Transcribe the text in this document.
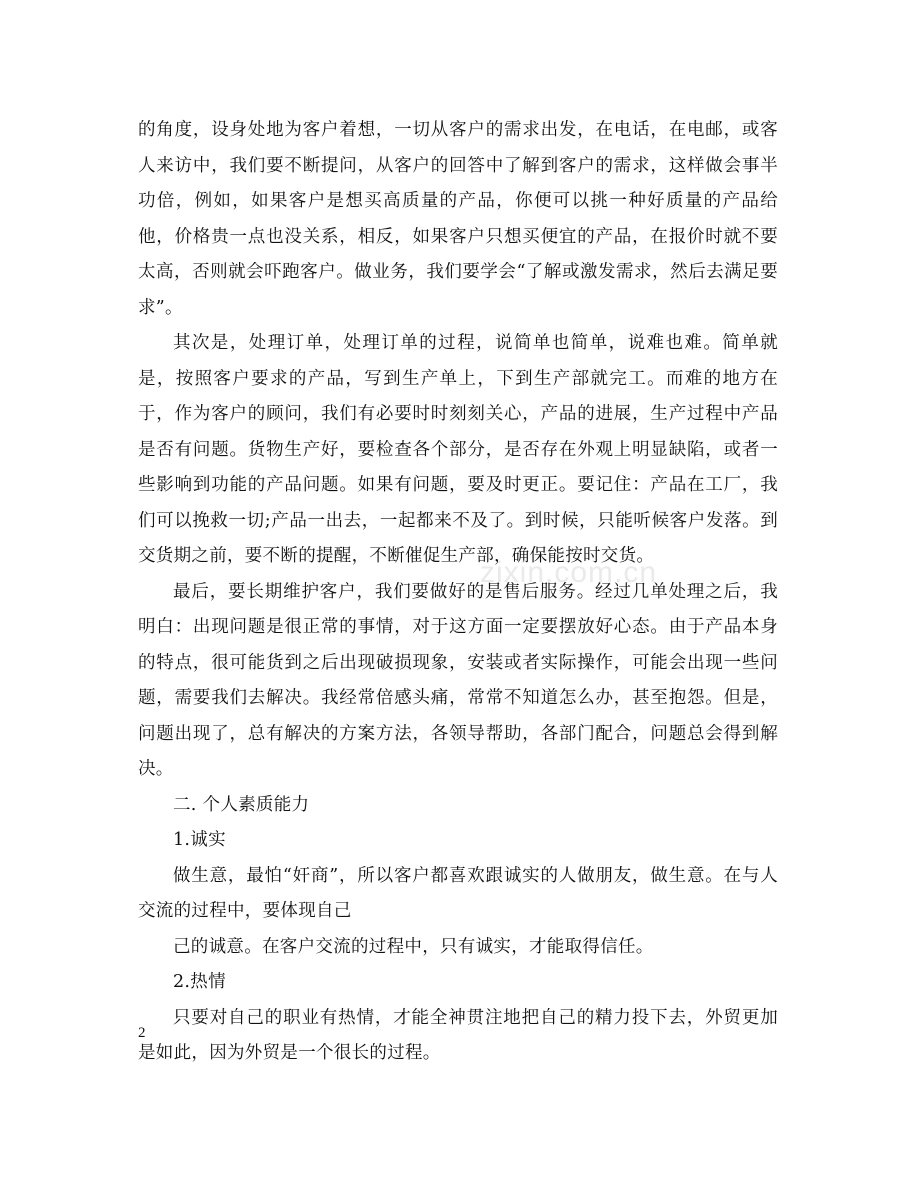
的角度，设身处地为客户着想，一切从客户的需求出发，在电话，在电邮，或客人来访中，我们要不断提问，从客户的回答中了解到客户的需求，这样做会事半功倍，例如，如果客户是想买高质量的产品，你便可以挑一种好质量的产品给他，价格贵一点也没关系，相反，如果客户只想买便宜的产品，在报价时就不要太高，否则就会吓跑客户。做业务，我们要学会“了解或激发需求，然后去满足要求”。

其次是，处理订单，处理订单的过程，说简单也简单，说难也难。简单就是，按照客户要求的产品，写到生产单上，下到生产部就完工。而难的地方在于，作为客户的顾问，我们有必要时时刻刻关心，产品的进展，生产过程中产品是否有问题。货物生产好，要检查各个部分，是否存在外观上明显缺陷，或者一些影响到功能的产品问题。如果有问题，要及时更正。要记住：产品在工厂，我们可以挽救一切;产品一出去，一起都来不及了。到时候，只能听候客户发落。到交货期之前，要不断的提醒，不断催促生产部，确保能按时交货。

最后，要长期维护客户，我们要做好的是售后服务。经过几单处理之后，我明白：出现问题是很正常的事情，对于这方面一定要摆放好心态。由于产品本身的特点，很可能货到之后出现破损现象，安装或者实际操作，可能会出现一些问题，需要我们去解决。我经常倍感头痛，常常不知道怎么办，甚至抱怨。但是，问题出现了，总有解决的方案方法，各领导帮助，各部门配合，问题总会得到解决。

二. 个人素质能力

1.诚实

做生意，最怕“奸商”，所以客户都喜欢跟诚实的人做朋友，做生意。在与人交流的过程中，要体现自己

己的诚意。在客户交流的过程中，只有诚实，才能取得信任。

2.热情

只要对自己的职业有热情，才能全神贯注地把自己的精力投下去，外贸更加是如此，因为外贸是一个很长的过程。

zixin.com.cn
2
